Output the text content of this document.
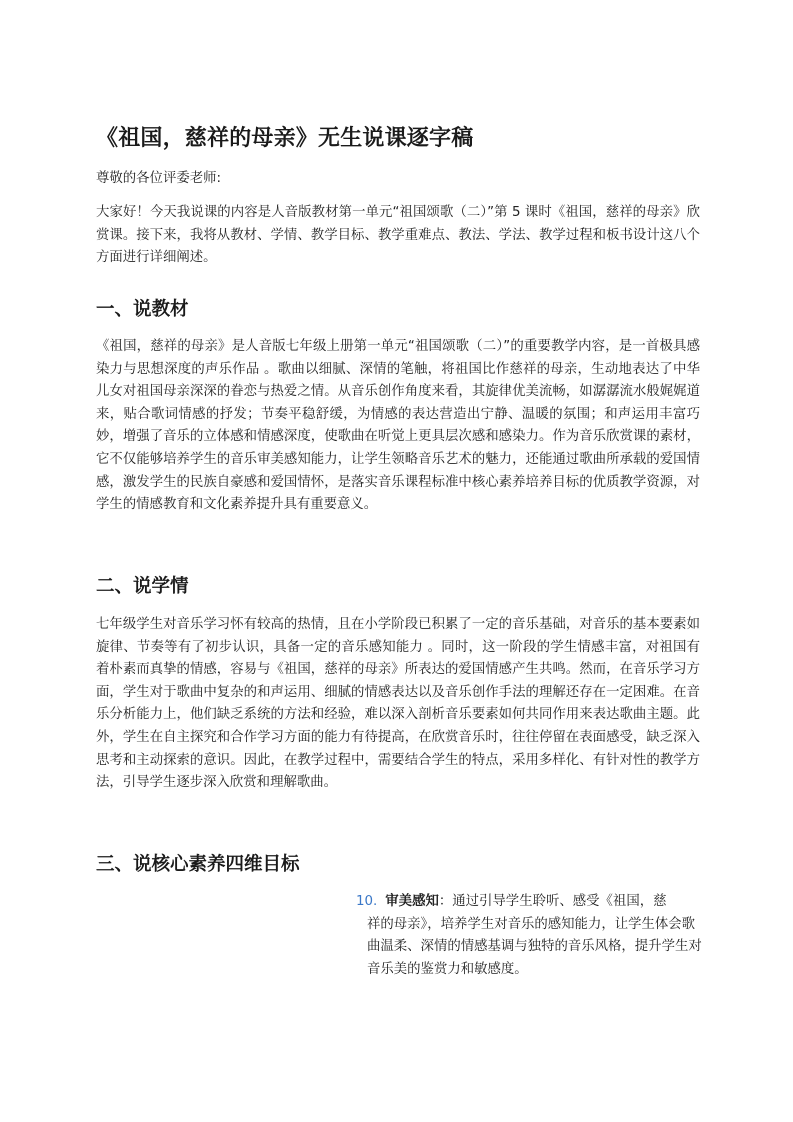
《祖国，慈祥的母亲》无生说课逐字稿
尊敬的各位评委老师:
大家好！今天我说课的内容是人音版教材第一单元“祖国颂歌（二）”第 5 课时《祖国，慈祥的母亲》欣赏课。接下来，我将从教材、学情、教学目标、教学重难点、教法、学法、教学过程和板书设计这八个方面进行详细阐述。
一、说教材
《祖国，慈祥的母亲》是人音版七年级上册第一单元“祖国颂歌（二）”的重要教学内容，是一首极具感染力与思想深度的声乐作品 。歌曲以细腻、深情的笔触，将祖国比作慈祥的母亲，生动地表达了中华儿女对祖国母亲深深的眷恋与热爱之情。从音乐创作角度来看，其旋律优美流畅，如潺潺流水般娓娓道来，贴合歌词情感的抒发；节奏平稳舒缓，为情感的表达营造出宁静、温暖的氛围；和声运用丰富巧妙，增强了音乐的立体感和情感深度，使歌曲在听觉上更具层次感和感染力。作为音乐欣赏课的素材，它不仅能够培养学生的音乐审美感知能力，让学生领略音乐艺术的魅力，还能通过歌曲所承载的爱国情感，激发学生的民族自豪感和爱国情怀，是落实音乐课程标准中核心素养培养目标的优质教学资源，对学生的情感教育和文化素养提升具有重要意义。
二、说学情
七年级学生对音乐学习怀有较高的热情，且在小学阶段已积累了一定的音乐基础，对音乐的基本要素如旋律、节奏等有了初步认识，具备一定的音乐感知能力 。同时，这一阶段的学生情感丰富，对祖国有着朴素而真挚的情感，容易与《祖国，慈祥的母亲》所表达的爱国情感产生共鸣。然而，在音乐学习方面，学生对于歌曲中复杂的和声运用、细腻的情感表达以及音乐创作手法的理解还存在一定困难。在音乐分析能力上，他们缺乏系统的方法和经验，难以深入剖析音乐要素如何共同作用来表达歌曲主题。此外，学生在自主探究和合作学习方面的能力有待提高，在欣赏音乐时，往往停留在表面感受，缺乏深入思考和主动探索的意识。因此，在教学过程中，需要结合学生的特点，采用多样化、有针对性的教学方法，引导学生逐步深入欣赏和理解歌曲。
三、说核心素养四维目标
10. 审美感知：通过引导学生聆听、感受《祖国，慈
祥的母亲》，培养学生对音乐的感知能力，让学生体会歌曲温柔、深情的情感基调与独特的音乐风格，提升学生对音乐美的鉴赏力和敏感度。
